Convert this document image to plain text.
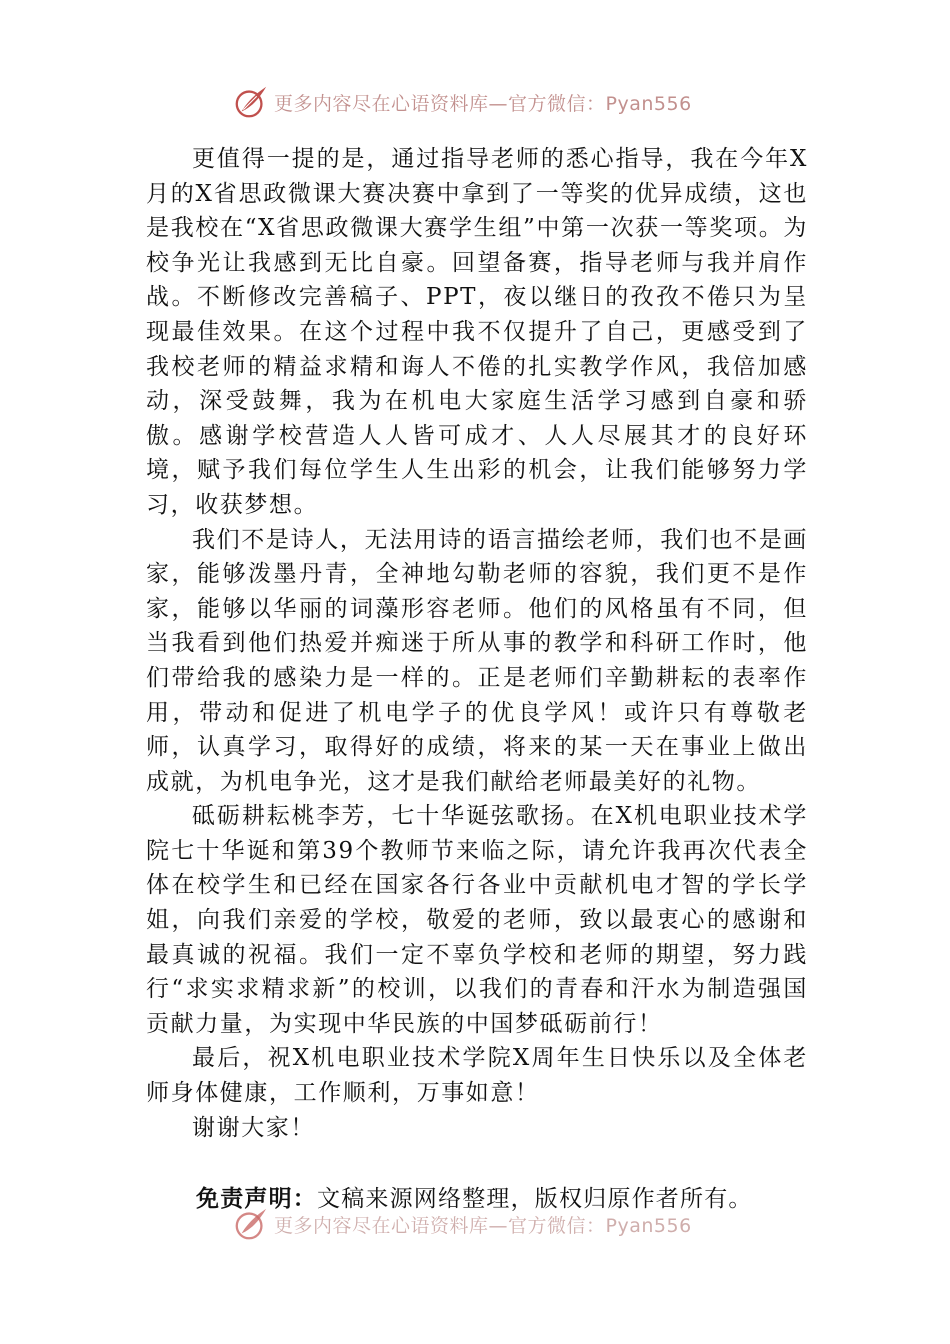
更多内容尽在心语资料库—官方微信：Pyan556

更值得一提的是，通过指导老师的悉心指导，我在今年X月的X省思政微课大赛决赛中拿到了一等奖的优异成绩，这也是我校在“X省思政微课大赛学生组”中第一次获一等奖项。为校争光让我感到无比自豪。回望备赛，指导老师与我并肩作战。不断修改完善稿子、PPT，夜以继日的孜孜不倦只为呈现最佳效果。在这个过程中我不仅提升了自己，更感受到了我校老师的精益求精和诲人不倦的扎实教学作风，我倍加感动，深受鼓舞，我为在机电大家庭生活学习感到自豪和骄傲。感谢学校营造人人皆可成才、人人尽展其才的良好环境，赋予我们每位学生人生出彩的机会，让我们能够努力学习，收获梦想。

我们不是诗人，无法用诗的语言描绘老师，我们也不是画家，能够泼墨丹青，全神地勾勒老师的容貌，我们更不是作家，能够以华丽的词藻形容老师。他们的风格虽有不同，但当我看到他们热爱并痴迷于所从事的教学和科研工作时，他们带给我的感染力是一样的。正是老师们辛勤耕耘的表率作用，带动和促进了机电学子的优良学风！或许只有尊敬老师，认真学习，取得好的成绩，将来的某一天在事业上做出成就，为机电争光，这才是我们献给老师最美好的礼物。

砥砺耕耘桃李芳，七十华诞弦歌扬。在X机电职业技术学院七十华诞和第39个教师节来临之际，请允许我再次代表全体在校学生和已经在国家各行各业中贡献机电才智的学长学姐，向我们亲爱的学校，敬爱的老师，致以最衷心的感谢和最真诚的祝福。我们一定不辜负学校和老师的期望，努力践行“求实求精求新”的校训，以我们的青春和汗水为制造强国贡献力量，为实现中华民族的中国梦砥砺前行！

最后，祝X机电职业技术学院X周年生日快乐以及全体老师身体健康，工作顺利，万事如意！

谢谢大家！

免责声明：文稿来源网络整理，版权归原作者所有。
更多内容尽在心语资料库—官方微信：Pyan556
